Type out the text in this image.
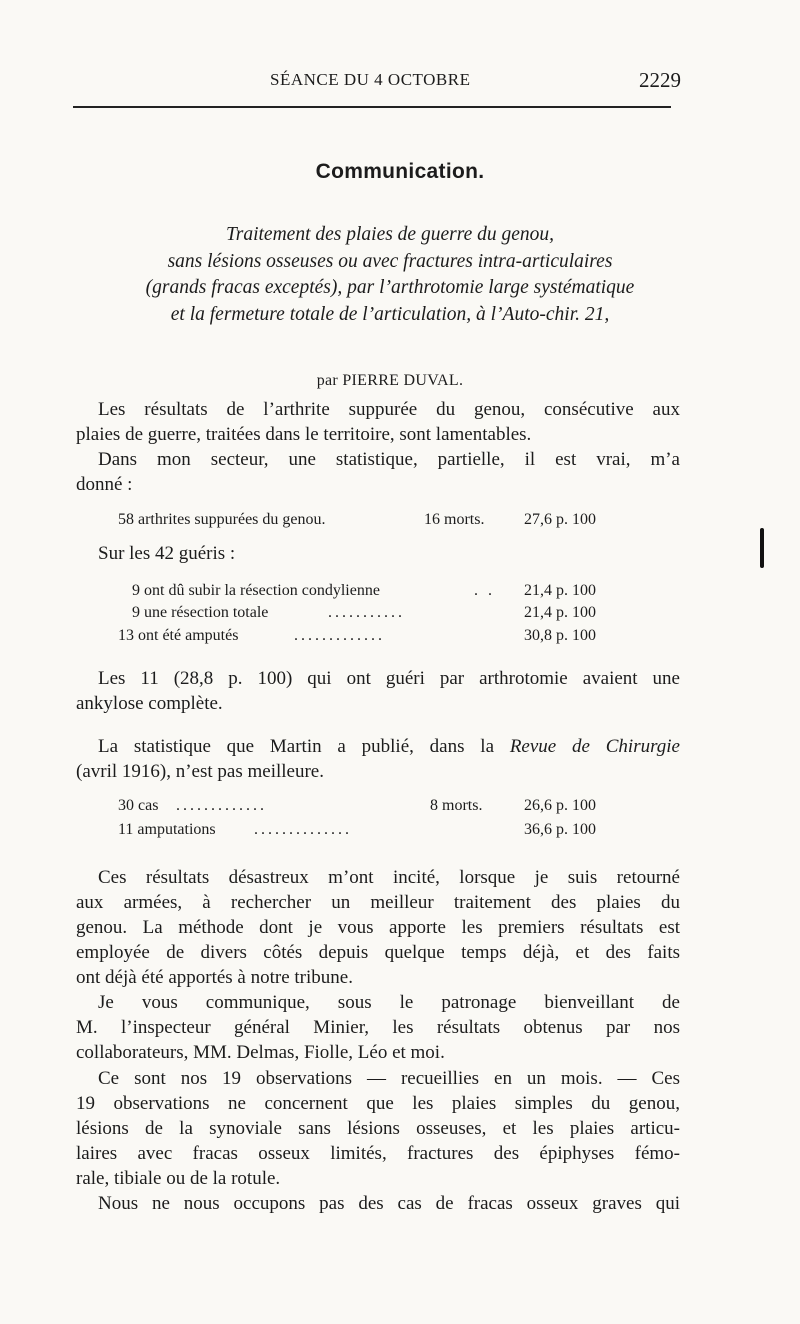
SÉANCE DU 4 OCTOBRE	2229
Communication.
Traitement des plaies de guerre du genou,
sans lésions osseuses ou avec fractures intra-articulaires
(grands fracas exceptés), par l’arthrotomie large systématique
et la fermeture totale de l’articulation, à l’Auto-chir. 21,
par PIERRE DUVAL.
Les résultats de l’arthrite suppurée du genou, consécutive aux
plaies de guerre, traitées dans le territoire, sont lamentables.
Dans mon secteur, une statistique, partielle, il est vrai, m’a
donné :
58 arthrites suppurées du genou.	16 morts. 27,6 p. 100
Sur les 42 guéris :
9 ont dû subir la résection condylienne	. . 21,4 p. 100
9 une résection totale	...........	21,4 p. 100
13 ont été amputés	.............	30,8 p. 100
Les 11 (28,8 p. 100) qui ont guéri par arthrotomie avaient une
ankylose complète.
La statistique que Martin a publié, dans la Revue de Chirurgie
(avril 1916), n’est pas meilleure.
30 cas .............	8 morts.	26,6 p. 100
11 amputations ..............	36,6 p. 100
Ces résultats désastreux m’ont incité, lorsque je suis retourné
aux armées, à rechercher un meilleur traitement des plaies du
genou. La méthode dont je vous apporte les premiers résultats est
employée de divers côtés depuis quelque temps déjà, et des faits
ont déjà été apportés à notre tribune.
Je vous communique, sous le patronage bienveillant de
M. l’inspecteur général Minier, les résultats obtenus par nos
collaborateurs, MM. Delmas, Fiolle, Léo et moi.
Ce sont nos 19 observations — recueillies en un mois. — Ces
19 observations ne concernent que les plaies simples du genou,
lésions de la synoviale sans lésions osseuses, et les plaies articu-
laires avec fracas osseux limités, fractures des épiphyses fémo-
rale, tibiale ou de la rotule.
Nous ne nous occupons pas des cas de fracas osseux graves qui
